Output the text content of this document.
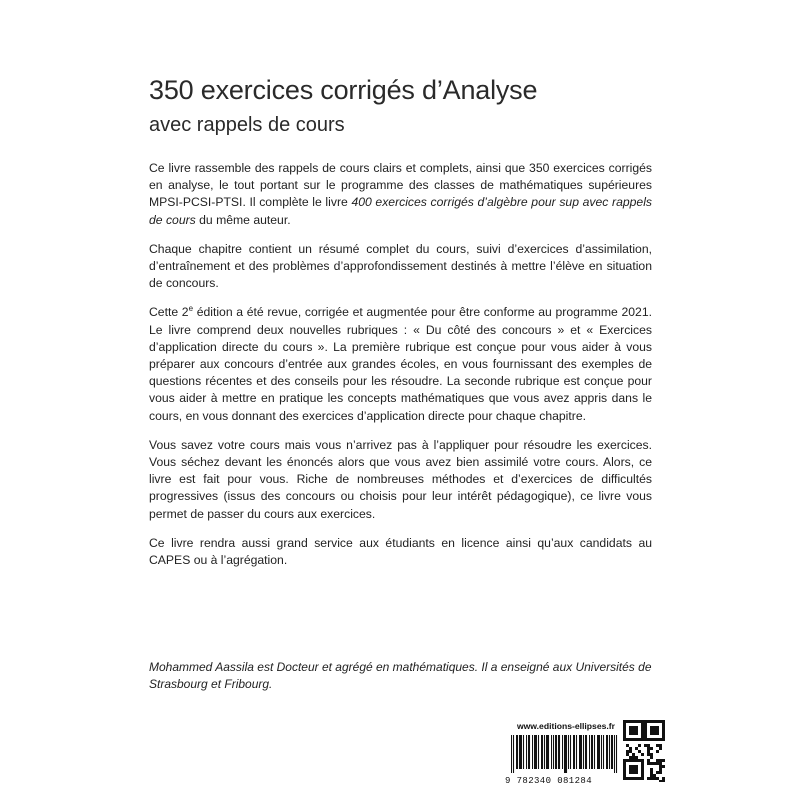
350 exercices corrigés d’Analyse
avec rappels de cours

Ce livre rassemble des rappels de cours clairs et complets, ainsi que 350 exercices corrigés en analyse, le tout portant sur le programme des classes de mathématiques supérieures MPSI-PCSI-PTSI. Il complète le livre 400 exercices corrigés d’algèbre pour sup avec rappels de cours du même auteur.

Chaque chapitre contient un résumé complet du cours, suivi d’exercices d’assimilation, d’entraînement et des problèmes d’approfondissement destinés à mettre l’élève en situation de concours.

Cette 2e édition a été revue, corrigée et augmentée pour être conforme au programme 2021. Le livre comprend deux nouvelles rubriques : « Du côté des concours » et « Exercices d’application directe du cours ». La première rubrique est conçue pour vous aider à vous préparer aux concours d’entrée aux grandes écoles, en vous fournissant des exemples de questions récentes et des conseils pour les résoudre. La seconde rubrique est conçue pour vous aider à mettre en pratique les concepts mathématiques que vous avez appris dans le cours, en vous donnant des exercices d’application directe pour chaque chapitre.

Vous savez votre cours mais vous n’arrivez pas à l’appliquer pour résoudre les exercices. Vous séchez devant les énoncés alors que vous avez bien assimilé votre cours. Alors, ce livre est fait pour vous. Riche de nombreuses méthodes et d’exercices de difficultés progressives (issus des concours ou choisis pour leur intérêt pédagogique), ce livre vous permet de passer du cours aux exercices.

Ce livre rendra aussi grand service aux étudiants en licence ainsi qu’aux candidats au CAPES ou à l’agrégation.

Mohammed Aassila est Docteur et agrégé en mathématiques. Il a enseigné aux Universités de Strasbourg et Fribourg.
www.editions-ellipses.fr
9 782340 081284
